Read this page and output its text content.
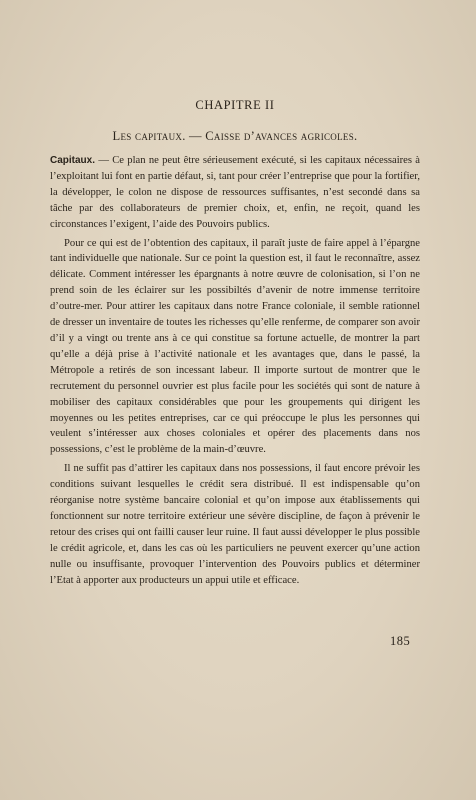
CHAPITRE II
Les capitaux. — Caisse d’avances agricoles.

Capitaux. — Ce plan ne peut être sérieusement exécuté, si les capitaux nécessaires à l’exploitant lui font en partie défaut, si, tant pour créer l’entreprise que pour la fortifier, la développer, le colon ne dispose de ressources suffisantes, n’est secondé dans sa tâche par des collaborateurs de premier choix, et, enfin, ne reçoit, quand les circonstances l’exigent, l’aide des Pouvoirs publics.

Pour ce qui est de l’obtention des capitaux, il paraît juste de faire appel à l’épargne tant individuelle que nationale. Sur ce point la question est, il faut le reconnaître, assez délicate. Comment intéresser les épargnants à notre œuvre de colonisation, si l’on ne prend soin de les éclairer sur les possibiltés d’avenir de notre immense territoire d’outre-mer. Pour attirer les capitaux dans notre France coloniale, il semble rationnel de dresser un inventaire de toutes les richesses qu’elle renferme, de comparer son avoir d’il y a vingt ou trente ans à ce qui constitue sa fortune actuelle, de montrer la part qu’elle a déjà prise à l’activité nationale et les avantages que, dans le passé, la Métropole a retirés de son incessant labeur. Il importe surtout de montrer que le recrutement du personnel ouvrier est plus facile pour les sociétés qui sont de nature à mobiliser des capitaux considérables que pour les groupements qui dirigent les moyennes ou les petites entreprises, car ce qui préoccupe le plus les personnes qui veulent s’intéresser aux choses coloniales et opérer des placements dans nos possessions, c’est le problème de la main-d’œuvre.

Il ne suffit pas d’attirer les capitaux dans nos possessions, il faut encore prévoir les conditions suivant lesquelles le crédit sera distribué. Il est indispensable qu’on réorganise notre système bancaire colonial et qu’on impose aux établissements qui fonctionnent sur notre territoire extérieur une sévère discipline, de façon à prévenir le retour des crises qui ont failli causer leur ruine. Il faut aussi développer le plus possible le crédit agricole, et, dans les cas où les particuliers ne peuvent exercer qu’une action nulle ou insuffisante, provoquer l’intervention des Pouvoirs publics et déterminer l’Etat à apporter aux producteurs un appui utile et efficace.

185
